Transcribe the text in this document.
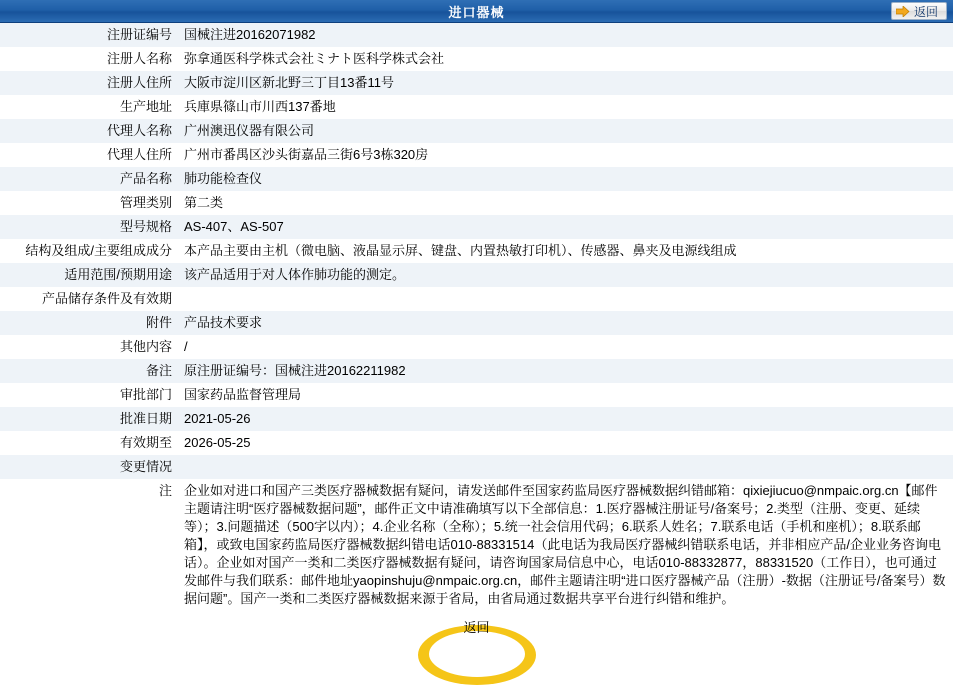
进口器械	返回
注册证编号	国械注进20162071982
注册人名称	弥拿通医科学株式会社ミナト医科学株式会社
注册人住所	大阪市淀川区新北野三丁目13番11号
生产地址	兵庫県篠山市川西137番地
代理人名称	广州澳迅仪器有限公司
代理人住所	广州市番禺区沙头街嘉品三街6号3栋320房
产品名称	肺功能检查仪
管理类别	第二类
型号规格	AS-407、AS-507
结构及组成/主要组成成分	本产品主要由主机（微电脑、液晶显示屏、键盘、内置热敏打印机）、传感器、鼻夹及电源线组成
适用范围/预期用途	该产品适用于对人体作肺功能的测定。
产品储存条件及有效期	
附件	产品技术要求
其他内容	/
备注	原注册证编号：国械注进20162211982
审批部门	国家药品监督管理局
批准日期	2021-05-26
有效期至	2026-05-25
变更情况	
注	企业如对进口和国产三类医疗器械数据有疑问，请发送邮件至国家药监局医疗器械数据纠错邮箱：qixiejiucuo@nmpaic.org.cn【邮件主题请注明“医疗器械数据问题”，邮件正文中请准确填写以下全部信息：1.医疗器械注册证号/备案号；2.类型（注册、变更、延续等）；3.问题描述（500字以内）；4.企业名称（全称）；5.统一社会信用代码；6.联系人姓名；7.联系电话（手机和座机）；8.联系邮箱】，或致电国家药监局医疗器械数据纠错电话010-88331514（此电话为我局医疗器械纠错联系电话，并非相应产品/企业业务咨询电话）。企业如对国产一类和二类医疗器械数据有疑问，请咨询国家局信息中心，电话010-88332877，88331520（工作日），也可通过发邮件与我们联系：邮件地址yaopinshuju@nmpaic.org.cn，邮件主题请注明“进口医疗器械产品（注册）-数据（注册证号/备案号）数据问题”。国产一类和二类医疗器械数据来源于省局，由省局通过数据共享平台进行纠错和维护。
返回
